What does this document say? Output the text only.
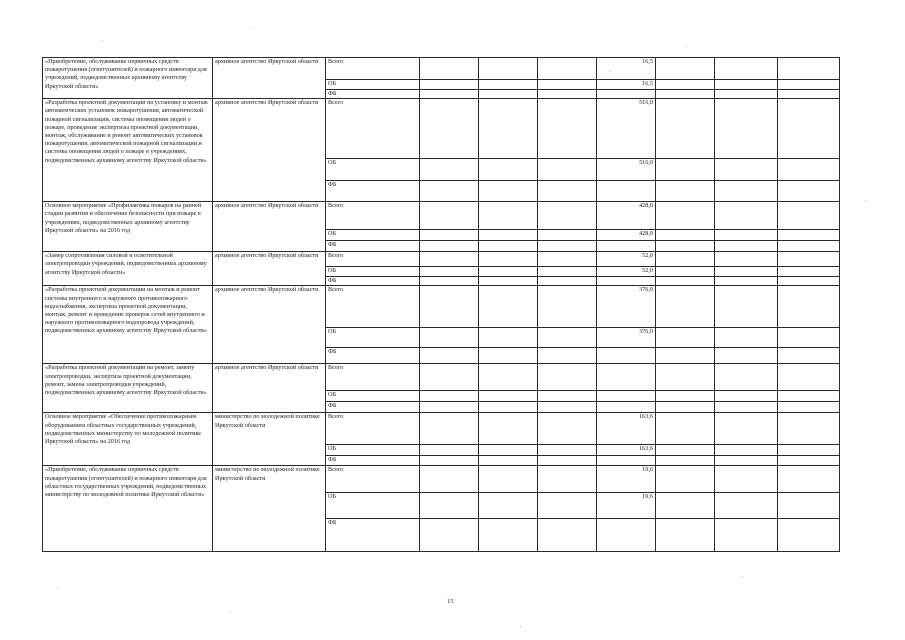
«Приобретение, обслуживание первичных средств пожаротушения (огнетушителей) и пожарного инвентаря для учреждений, подведомственных архивному агентству Иркутской области»	архивное агентство Иркутской области	Всего				16,5			
		ОБ				16,5			
		ФБ							
«Разработка проектной документации на установку и монтаж автоматических установок пожаротушения, автоматической пожарной сигнализации, системы оповещения людей о пожаре, проведение экспертизы проектной документации, монтаж, обслуживание и ремонт автоматических установок пожаротушения, автоматической пожарной сигнализации и системы оповещения людей о пожаре в учреждениях, подведомственных архивному агентству Иркутской области»	архивное агентство Иркутской области	Всего				516,0			
		ОБ				516,0			
		ФБ							
Основное мероприятие «Профилактика пожаров на ранней стадии развития и обеспечение безопасности при пожаре в учреждениях, подведомственных архивному агентству Иркутской области» на 2016 год	архивное агентство Иркутской области	Всего				428,0			
		ОБ				428,0			
		ФБ							
«Замер сопротивления силовой и осветительной электропроводки учреждений, подведомственных архивному агентству Иркутской области»	архивное агентство Иркутской области	Всего				52,0			
		ОБ				52,0			
		ФБ							
«Разработка проектной документации на монтаж и ремонт системы внутреннего и наружного противопожарного водоснабжения, экспертиза проектной документации, монтаж, ремонт и проведение проверок сетей внутреннего и наружного противопожарного водопровода учреждений, подведомственных архивному агентству Иркутской области»	архивное агентство Иркутской области	Всего				376,0			
		ОБ				376,0			
		ФБ							
«Разработка проектной документации на ремонт, замену электропроводки, экспертиза проектной документации, ремонт, замена электропроводки учреждений, подведомственных архивному агентству Иркутской области»	архивное агентство Иркутской области	Всего							
		ОБ							
		ФБ							
Основное мероприятие «Обеспечение противопожарным оборудованием областных государственных учреждений, подведомственных министерству по молодежной политике Иркутской области» на 2016 год	министерство по молодежной политике Иркутской области	Всего				163,6			
		ОБ				163,6			
		ФБ							
«Приобретение, обслуживание первичных средств пожаротушения (огнетушителей) и пожарного инвентаря для областных государственных учреждений, подведомственных министерству по молодежной политике Иркутской области»	министерство по молодежной политике Иркутской области	Всего				19,6			
		ОБ				19,6			
		ФБ							
15
